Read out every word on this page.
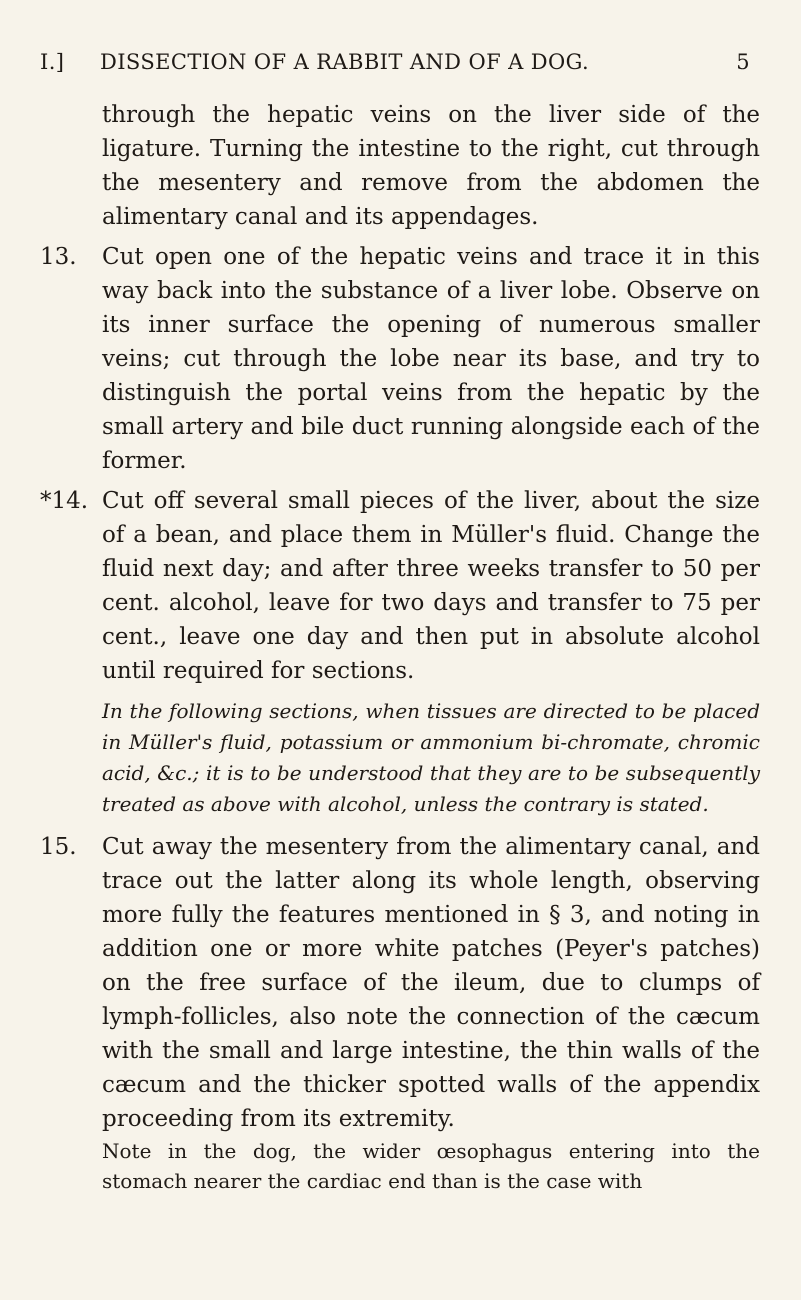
I.] DISSECTION OF A RABBIT AND OF A DOG.	5

through the hepatic veins on the liver side of the ligature. Turning the intestine to the right, cut through the mesentery and remove from the abdomen the alimentary canal and its appendages.

13.	Cut open one of the hepatic veins and trace it in this way back into the substance of a liver lobe. Observe on its inner surface the opening of numerous smaller veins; cut through the lobe near its base, and try to distinguish the portal veins from the hepatic by the small artery and bile duct running alongside each of the former.
*14. Cut off several small pieces of the liver, about the size of a bean, and place them in Müller's fluid. Change the fluid next day; and after three weeks transfer to 50 per cent. alcohol, leave for two days and transfer to 75 per cent., leave one day and then put in absolute alcohol until required for sections.

In the following sections, when tissues are directed to be placed in Müller's fluid, potassium or ammonium bi-chromate, chromic acid, &c.; it is to be understood that they are to be subsequently treated as above with alcohol, unless the contrary is stated.

15.	Cut away the mesentery from the alimentary canal, and trace out the latter along its whole length, observing more fully the features mentioned in § 3, and noting in addition one or more white patches (Peyer's patches) on the free surface of the ileum, due to clumps of lymph-follicles, also note the connection of the cæcum with the small and large intestine, the thin walls of the cæcum and the thicker spotted walls of the appendix proceeding from its extremity.

Note in the dog, the wider œsophagus entering into the stomach nearer the cardiac end than is the case with
